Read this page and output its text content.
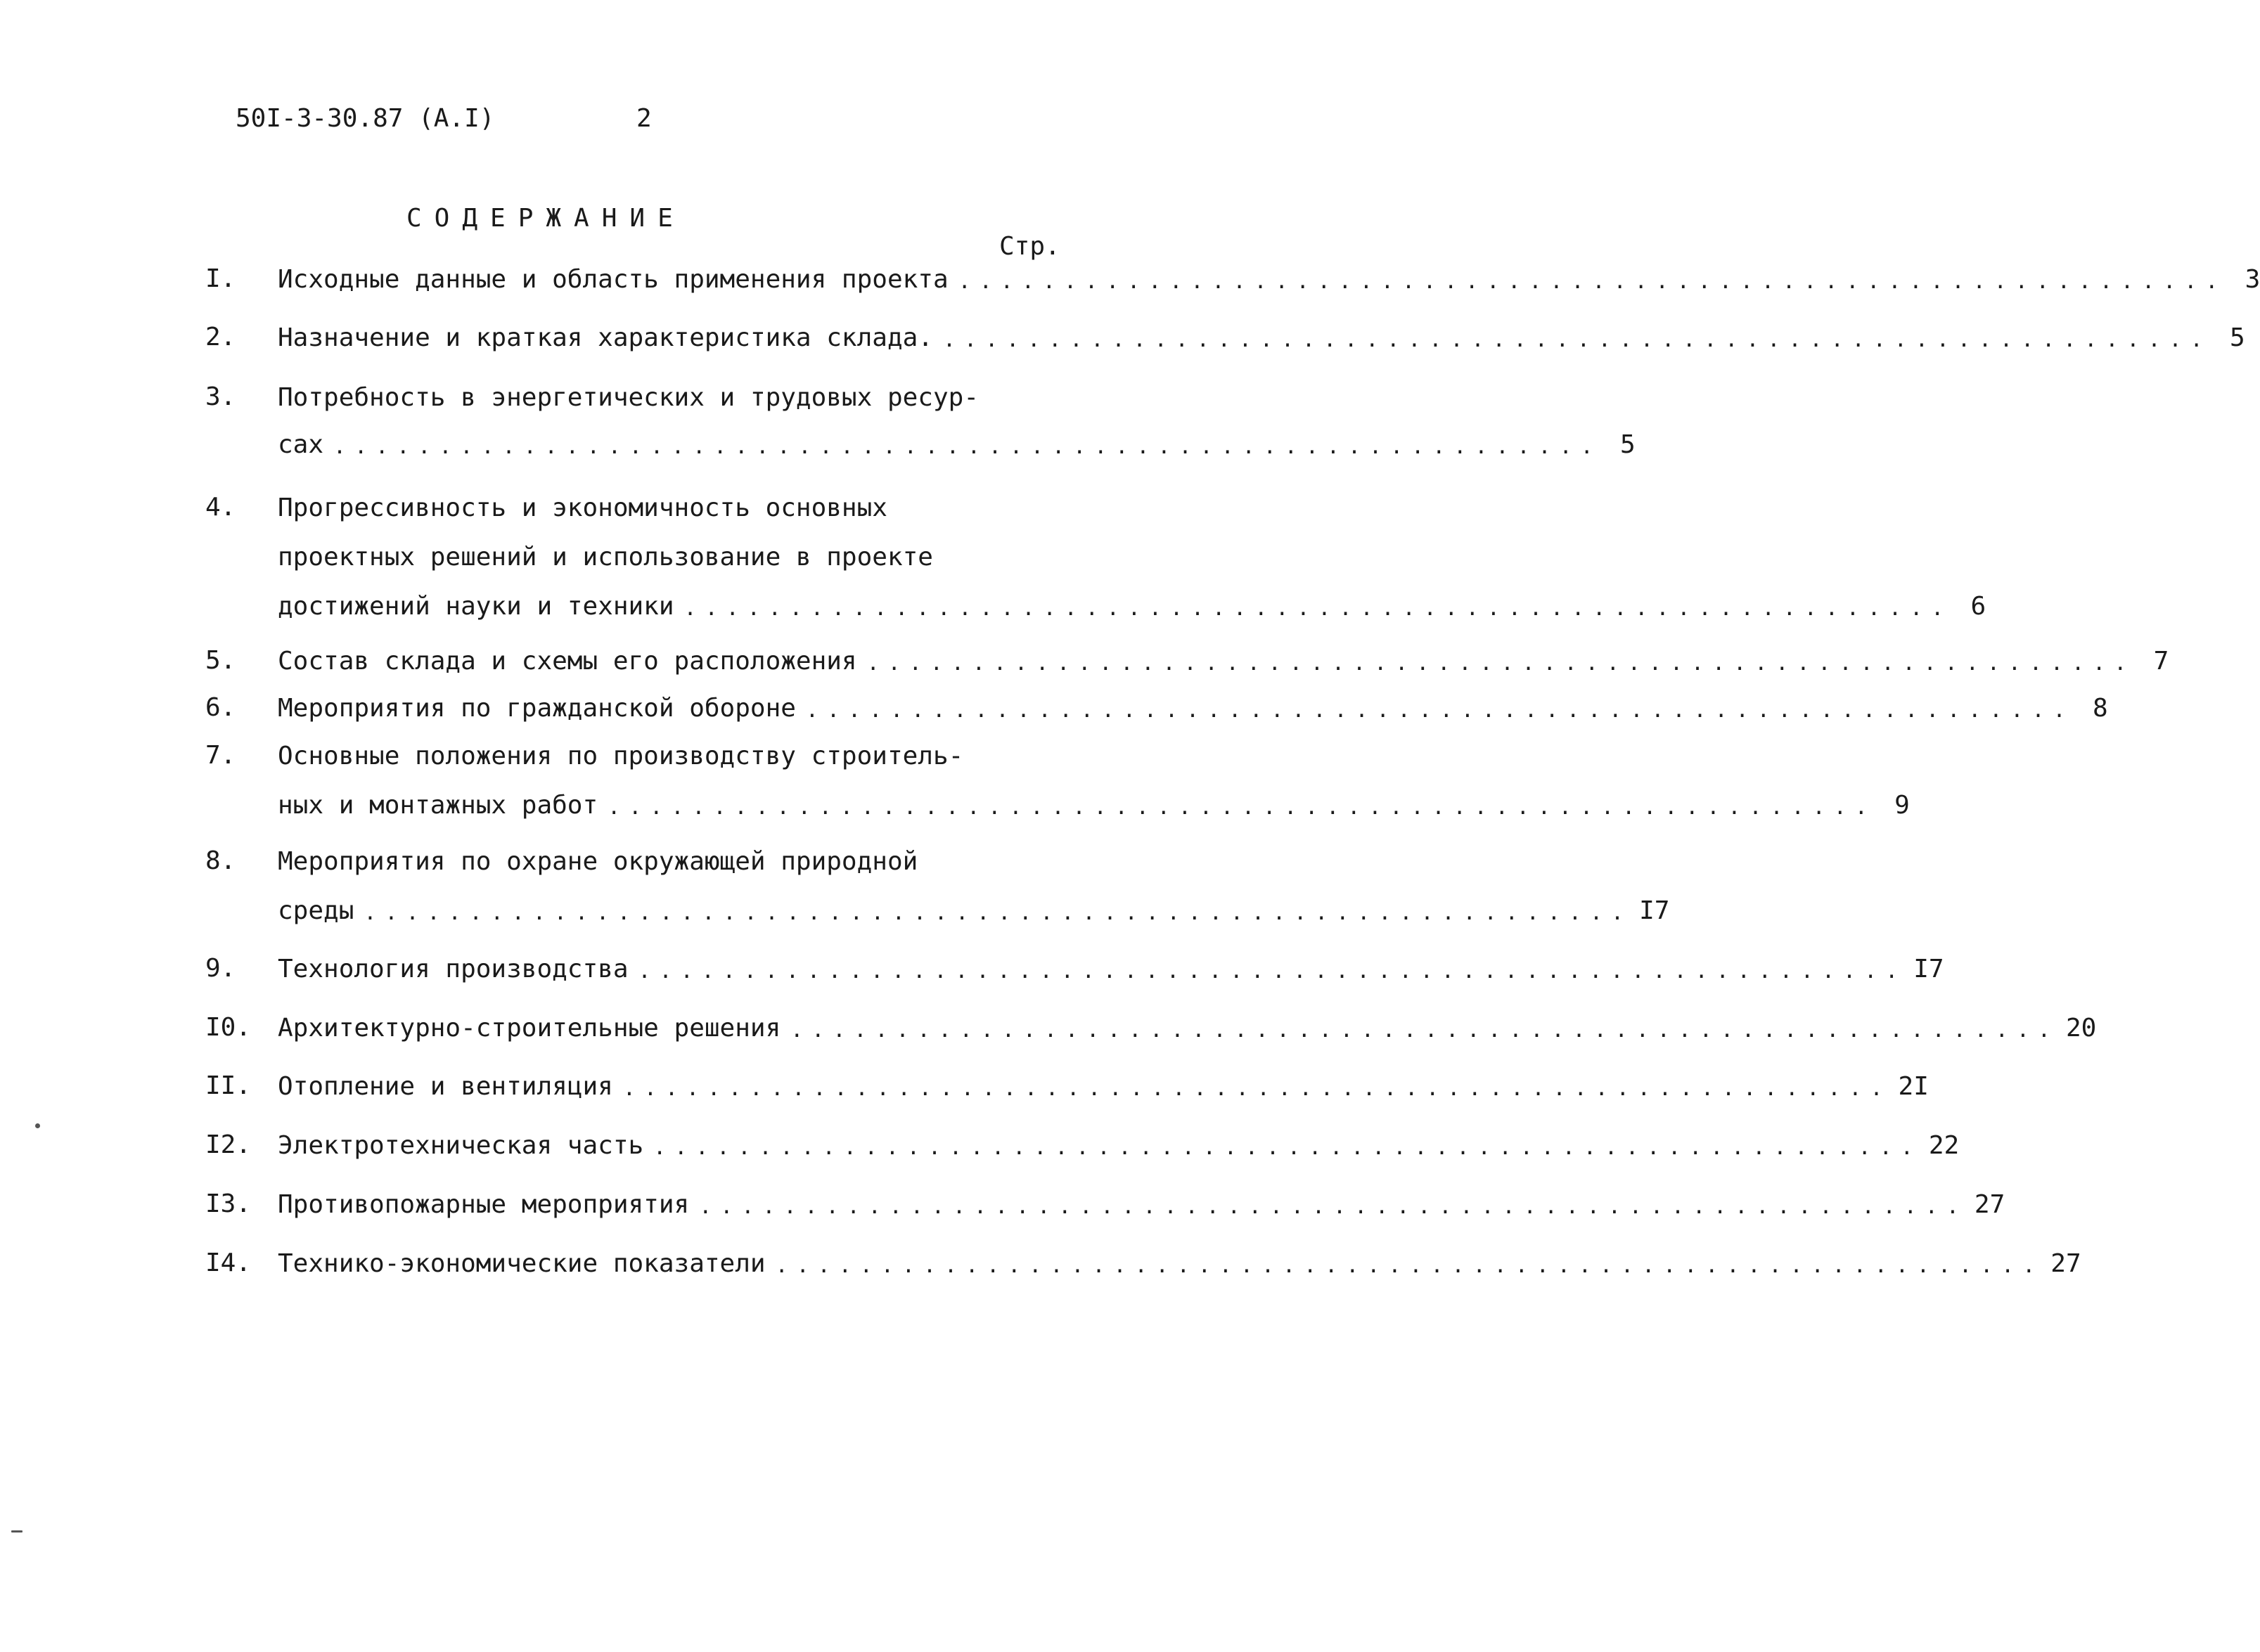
50I-3-30.87 (А.I)	2
СОДЕРЖАНИЕ
Стр.
I. Исходные данные и область применения проекта ............................................................ 3
2. Назначение и краткая характеристика склада. ............................................................ 5
3. Потребность в энергетических и трудовых ресур-
сах ............................................................ 5
4. Прогрессивность и экономичность основных
проектных решений и использование в проекте
достижений науки и техники ............................................................ 6
5. Состав склада и схемы его расположения ............................................................ 7
6. Мероприятия по гражданской обороне ............................................................ 8
7. Основные положения по производству строитель-
ных и монтажных работ ............................................................ 9
8. Мероприятия по охране окружающей природной
среды ............................................................ I7
9. Технология производства ............................................................ I7
I0. Архитектурно-строительные решения ............................................................ 20
II. Отопление и вентиляция ............................................................ 2I
I2. Электротехническая часть ............................................................ 22
I3. Противопожарные мероприятия ............................................................ 27
I4. Технико-экономические показатели ............................................................ 27
